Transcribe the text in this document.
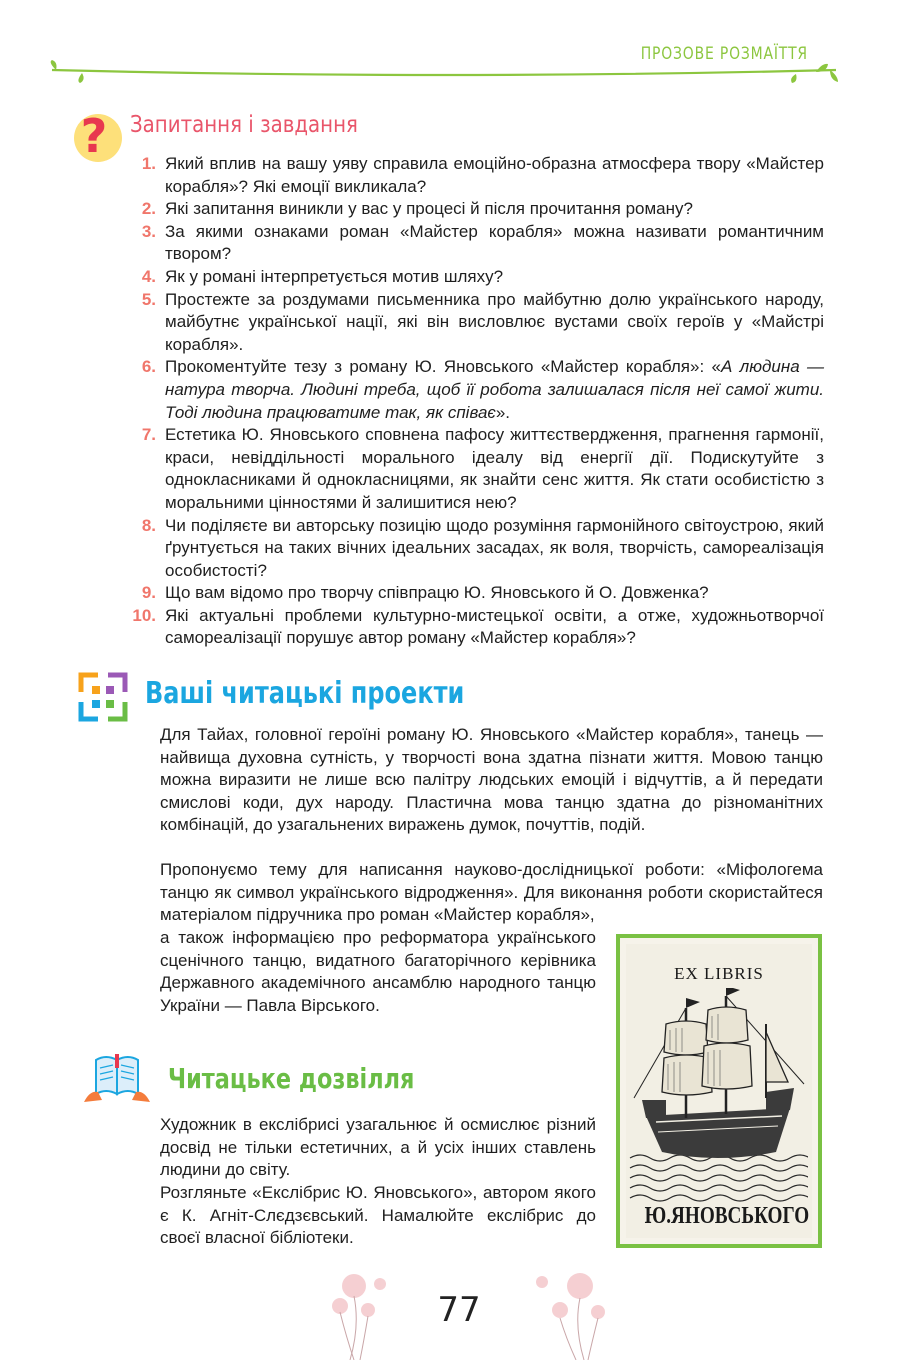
ПРОЗОВЕ РОЗМАЇТТЯ
? Запитання і завдання
1. Який вплив на вашу уяву справила емоційно-образна атмосфера твору «Майстер корабля»? Які емоції викликала?
2. Які запитання виникли у вас у процесі й після прочитання роману?
3. За якими ознаками роман «Майстер корабля» можна називати романтичним твором?
4. Як у романі інтерпретується мотив шляху?
5. Простежте за роздумами письменника про майбутню долю українського народу, майбутнє української нації, які він висловлює вустами своїх героїв у «Майстрі корабля».
6. Прокоментуйте тезу з роману Ю. Яновського «Майстер корабля»: «А людина — натура творча. Людині треба, щоб її робота залишалася після неї самої жити. Тоді людина працюватиме так, як співає».
7. Естетика Ю. Яновського сповнена пафосу життєствердження, прагнення гармонії, краси, невіддільності морального ідеалу від енергії дії. Подискутуйте з однокласниками й однокласницями, як знайти сенс життя. Як стати особистістю з моральними цінностями й залишитися нею?
8. Чи поділяєте ви авторську позицію щодо розуміння гармонійного світоустрою, який ґрунтується на таких вічних ідеальних засадах, як воля, творчість, самореалізація особистості?
9. Що вам відомо про творчу співпрацю Ю. Яновського й О. Довженка?
10. Які актуальні проблеми культурно-мистецької освіти, а отже, художньотворчої самореалізації порушує автор роману «Майстер корабля»?
Ваші читацькі проекти
Для Тайах, головної героїні роману Ю. Яновського «Майстер корабля», танець — найвища духовна сутність, у творчості вона здатна пізнати життя. Мовою танцю можна виразити не лише всю палітру людських емоцій і відчуттів, а й передати смислові коди, дух народу. Пластична мова танцю здатна до різноманітних комбінацій, до узагальнених виражень думок, почуттів, подій.
Пропонуємо тему для написання науково-дослідницької роботи: «Міфологема танцю як символ українського відродження». Для виконання роботи скористайтеся матеріалом підручника про роман «Майстер корабля»,
а також інформацією про реформатора українського сценічного танцю, видатного багаторічного керівника Державного академічного ансамблю народного танцю України — Павла Вірського.
Читацьке дозвілля
Художник в екслібрисі узагальнює й осмислює різний досвід не тільки естетичних, а й усіх інших ставлень людини до світу.
Розгляньте «Екслібрис Ю. Яновського», автором якого є К. Агніт-Слєдзєвський. Намалюйте екслібрис до своєї власної бібліотеки.
EX LIBRIS
Ю.ЯНОВСЬКОГО
77
